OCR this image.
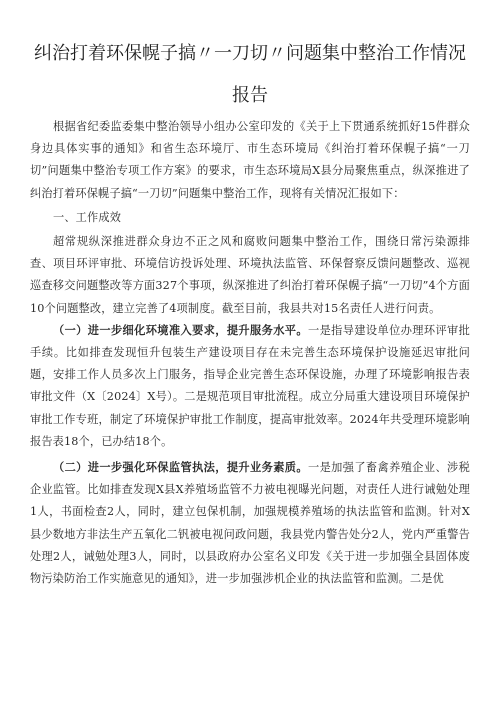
纠治打着环保幌子搞〃一刀切〃问题集中整治工作情况
报告

根据省纪委监委集中整治领导小组办公室印发的《关于上下贯通系统抓好15件群众身边具体实事的通知》和省生态环境厅、市生态环境局《纠治打着环保幌子搞“一刀切”问题集中整治专项工作方案》的要求，市生态环境局X县分局聚焦重点，纵深推进了纠治打着环保幌子搞“一刀切”问题集中整治工作，现将有关情况汇报如下：

一、工作成效

超常规纵深推进群众身边不正之风和腐败问题集中整治工作，围绕日常污染源排查、项目环评审批、环境信访投诉处理、环境执法监管、环保督察反馈问题整改、巡视巡查移交问题整改等方面327个事项，纵深推进了纠治打着环保幌子搞“一刀切”4个方面10个问题整改，建立完善了4项制度。截至目前，我县共对15名责任人进行问责。

（一）进一步细化环境准入要求，提升服务水平。一是指导建设单位办理环评审批手续。比如排查发现恒升包装生产建设项目存在未完善生态环境保护设施延迟审批问题，安排工作人员多次上门服务，指导企业完善生态环保设施，办理了环境影响报告表审批文件（X〔2024〕X号）。二是规范项目审批流程。成立分局重大建设项目环境保护审批工作专班，制定了环境保护审批工作制度，提高审批效率。2024年共受理环境影响报告表18个，已办结18个。

（二）进一步强化环保监管执法，提升业务素质。一是加强了畜禽养殖企业、涉税企业监管。比如排查发现X县X养殖场监管不力被电视曝光问题，对责任人进行诫勉处理1人，书面检查2人，同时，建立包保机制，加强规模养殖场的执法监管和监测。针对X县少数地方非法生产五氧化二钒被电视问政问题，我县党内警告处分2人，党内严重警告处理2人，诫勉处理3人，同时，以县政府办公室名义印发《关于进一步加强全县固体废物污染防治工作实施意见的通知》，进一步加强涉机企业的执法监管和监测。二是优
